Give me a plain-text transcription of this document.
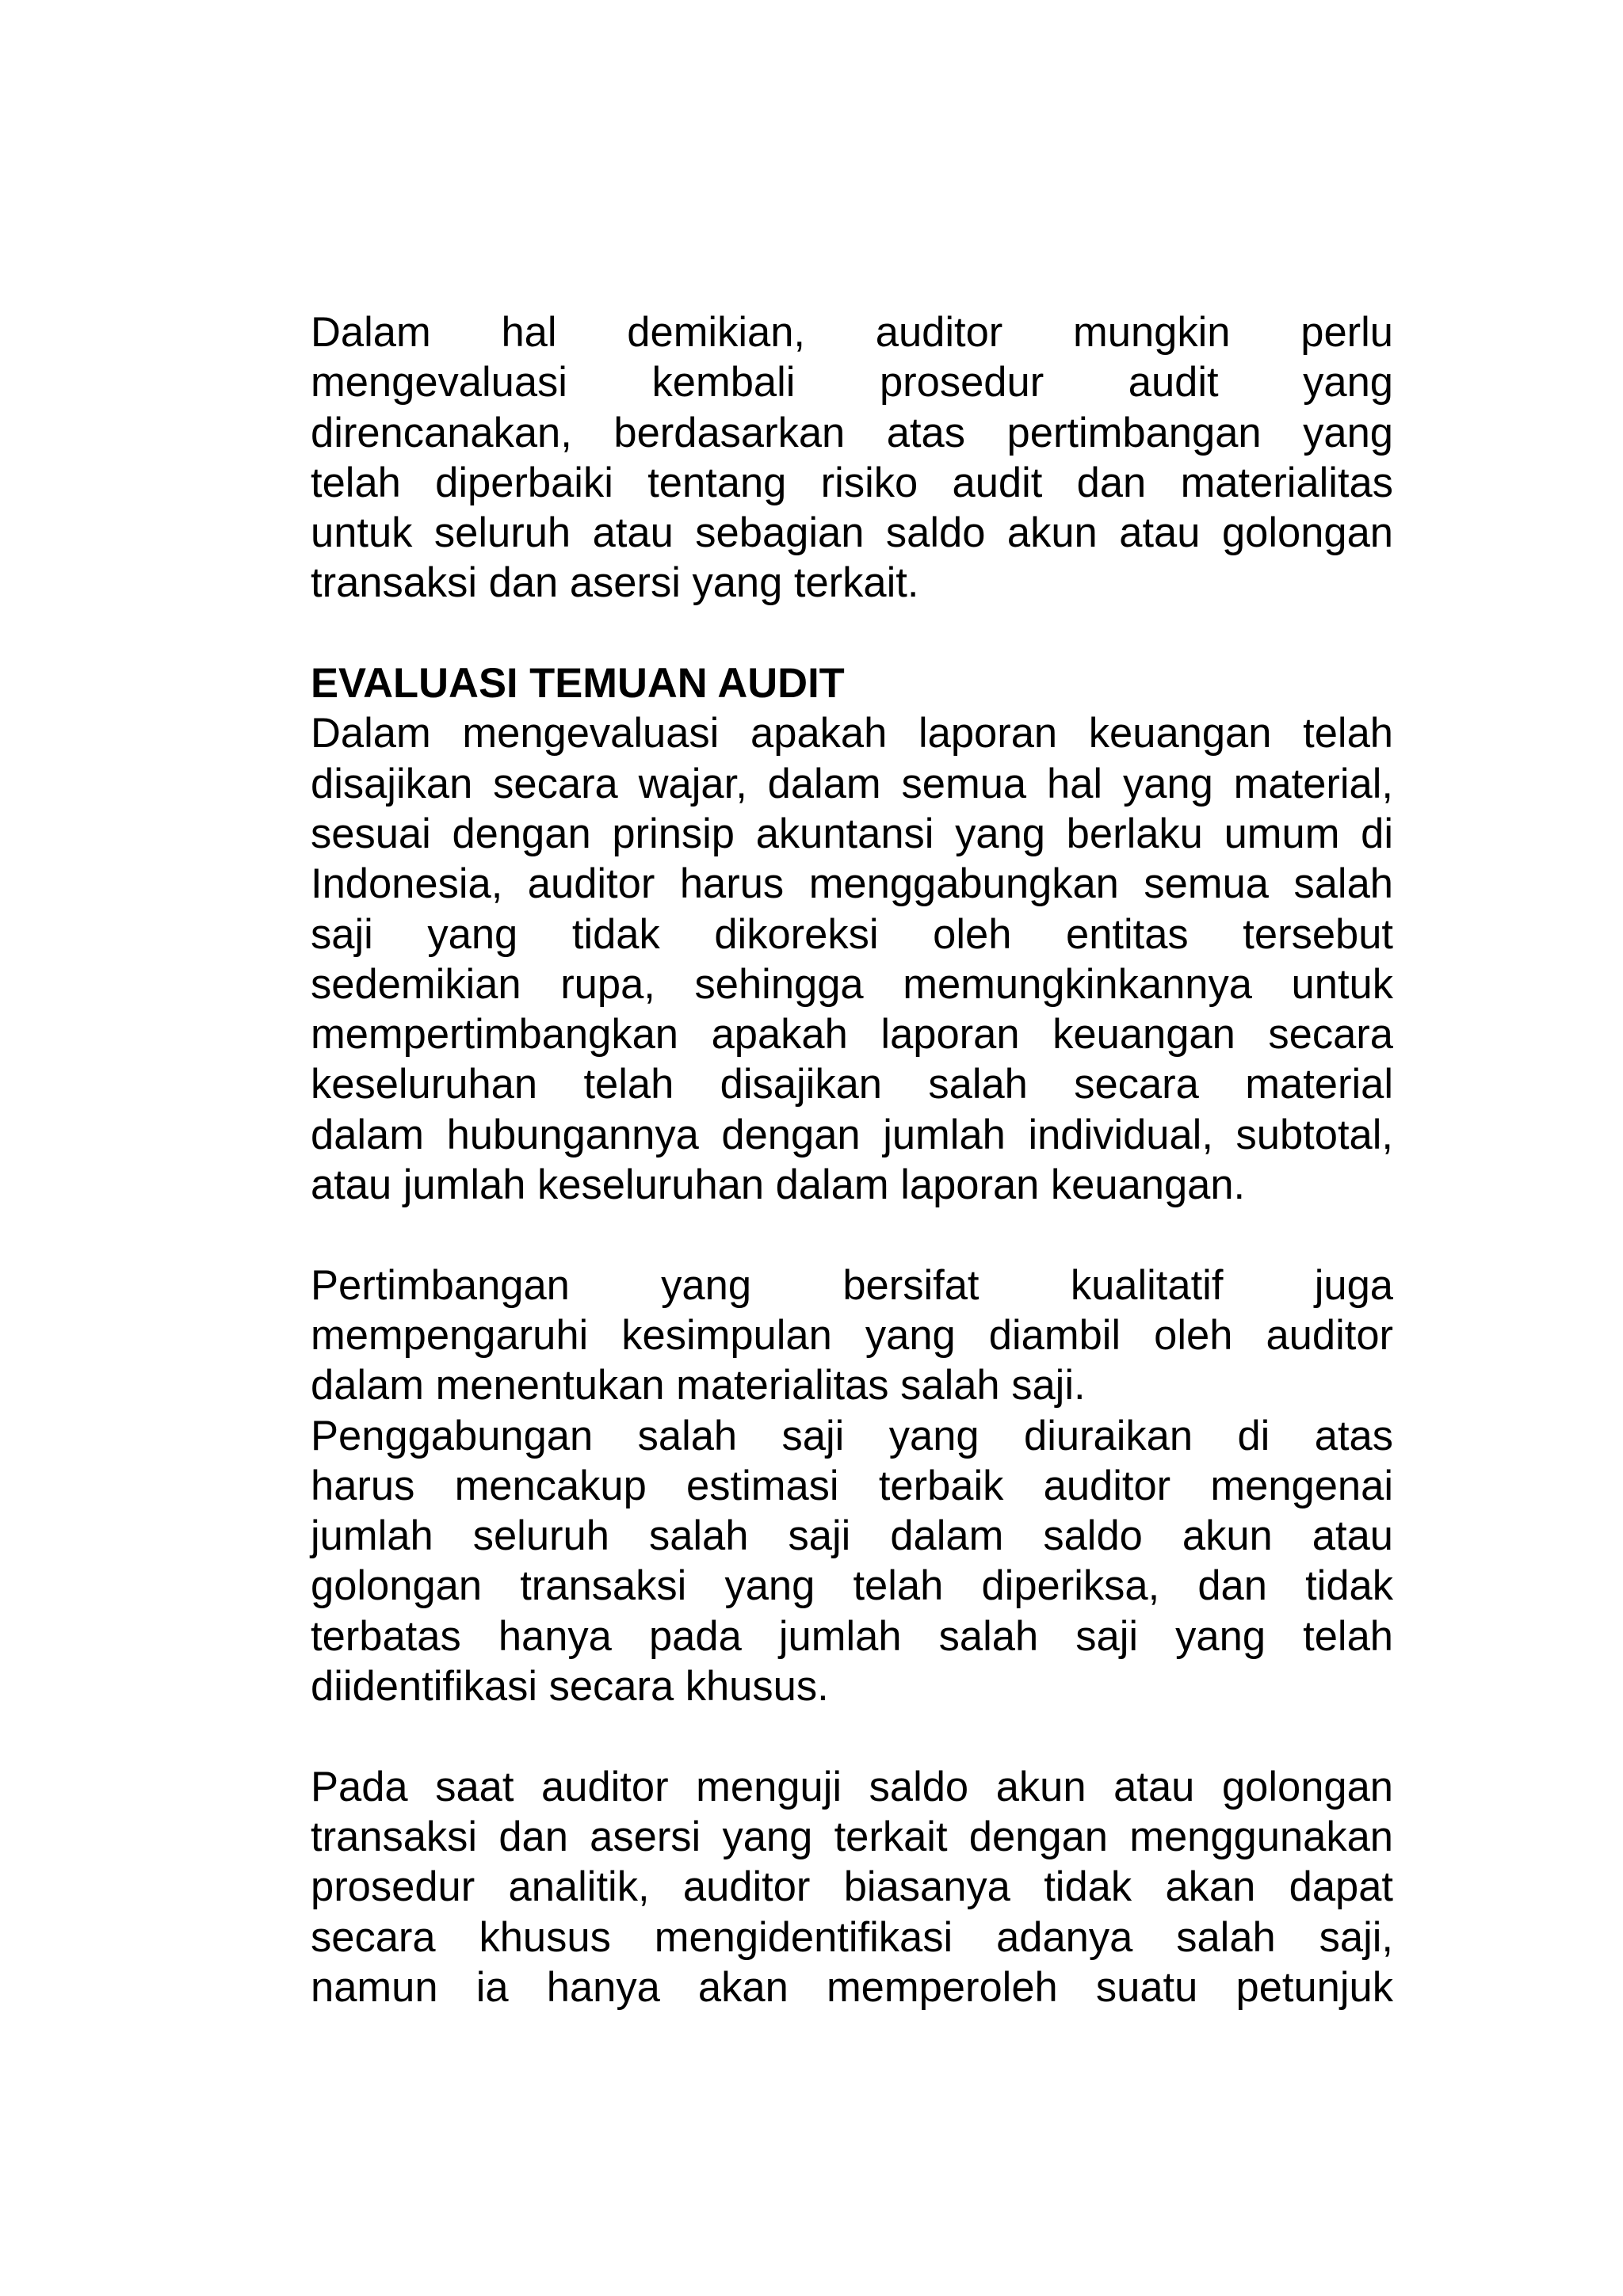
Dalam hal demikian, auditor mungkin perlu
mengevaluasi kembali prosedur audit yang
direncanakan, berdasarkan atas pertimbangan yang
telah diperbaiki tentang risiko audit dan materialitas
untuk seluruh atau sebagian saldo akun atau golongan
transaksi dan asersi yang terkait.
EVALUASI TEMUAN AUDIT
Dalam mengevaluasi apakah laporan keuangan telah
disajikan secara wajar, dalam semua hal yang material,
sesuai dengan prinsip akuntansi yang berlaku umum di
Indonesia, auditor harus menggabungkan semua salah
saji yang tidak dikoreksi oleh entitas tersebut
sedemikian rupa, sehingga memungkinkannya untuk
mempertimbangkan apakah laporan keuangan secara
keseluruhan telah disajikan salah secara material
dalam hubungannya dengan jumlah individual, subtotal,
atau jumlah keseluruhan dalam laporan keuangan.
Pertimbangan yang bersifat kualitatif juga
mempengaruhi kesimpulan yang diambil oleh auditor
dalam menentukan materialitas salah saji.
Penggabungan salah saji yang diuraikan di atas
harus mencakup estimasi terbaik auditor mengenai
jumlah seluruh salah saji dalam saldo akun atau
golongan transaksi yang telah diperiksa, dan tidak
terbatas hanya pada jumlah salah saji yang telah
diidentifikasi secara khusus.
Pada saat auditor menguji saldo akun atau golongan
transaksi dan asersi yang terkait dengan menggunakan
prosedur analitik, auditor biasanya tidak akan dapat
secara khusus mengidentifikasi adanya salah saji,
namun ia hanya akan memperoleh suatu petunjuk
